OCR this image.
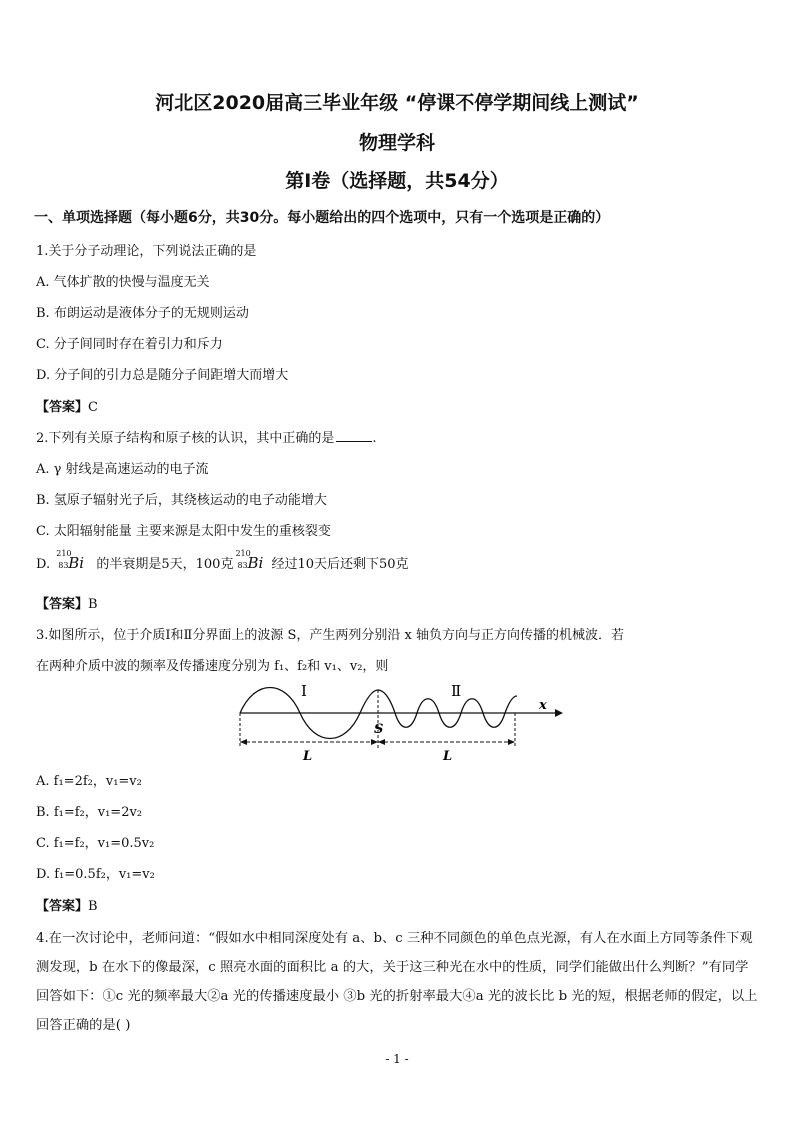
河北区2020届高三毕业年级 “停课不停学期间线上测试”
物理学科
第Ⅰ卷（选择题，共54分）
一、单项选择题（每小题6分，共30分。每小题给出的四个选项中，只有一个选项是正确的）
1.关于分子动理论，下列说法正确的是
A. 气体扩散的快慢与温度无关
B. 布朗运动是液体分子的无规则运动
C. 分子间同时存在着引力和斥力
D. 分子间的引力总是随分子间距增大而增大
【答案】C
2.下列有关原子结构和原子核的认识，其中正确的是	.
A. γ 射线是高速运动的电子流
B. 氢原子辐射光子后，其绕核运动的电子动能增大
C. 太阳辐射能量 主要来源是太阳中发生的重核裂变
D.
210
83 Bi 的半衰期是5天，100克
210
83 Bi 经过10天后还剩下50克
【答案】B
3.如图所示，位于介质Ⅰ和Ⅱ分界面上的波源 S，产生两列分别沿 x 轴负方向与正方向传播的机械波．若
在两种介质中波的频率及传播速度分别为 f₁、f₂和 v₁、v₂，则
Ⅰ	Ⅱ
S
x
L	L
A. f₁=2f₂，v₁=v₂
B. f₁=f₂，v₁=2v₂
C. f₁=f₂，v₁=0.5v₂
D. f₁=0.5f₂，v₁=v₂
【答案】B
4.在一次讨论中，老师问道：“假如水中相同深度处有 a、b、c 三种不同颜色的单色点光源，有人在水面上方同等条件下观测发现，b 在水下的像最深，c 照亮水面的面积比 a 的大，关于这三种光在水中的性质，同学们能做出什么判断？”有同学回答如下：①c 光的频率最大②a 光的传播速度最小 ③b 光的折射率最大④a 光的波长比 b 光的短，根据老师的假定，以上回答正确的是( )
- 1 -
